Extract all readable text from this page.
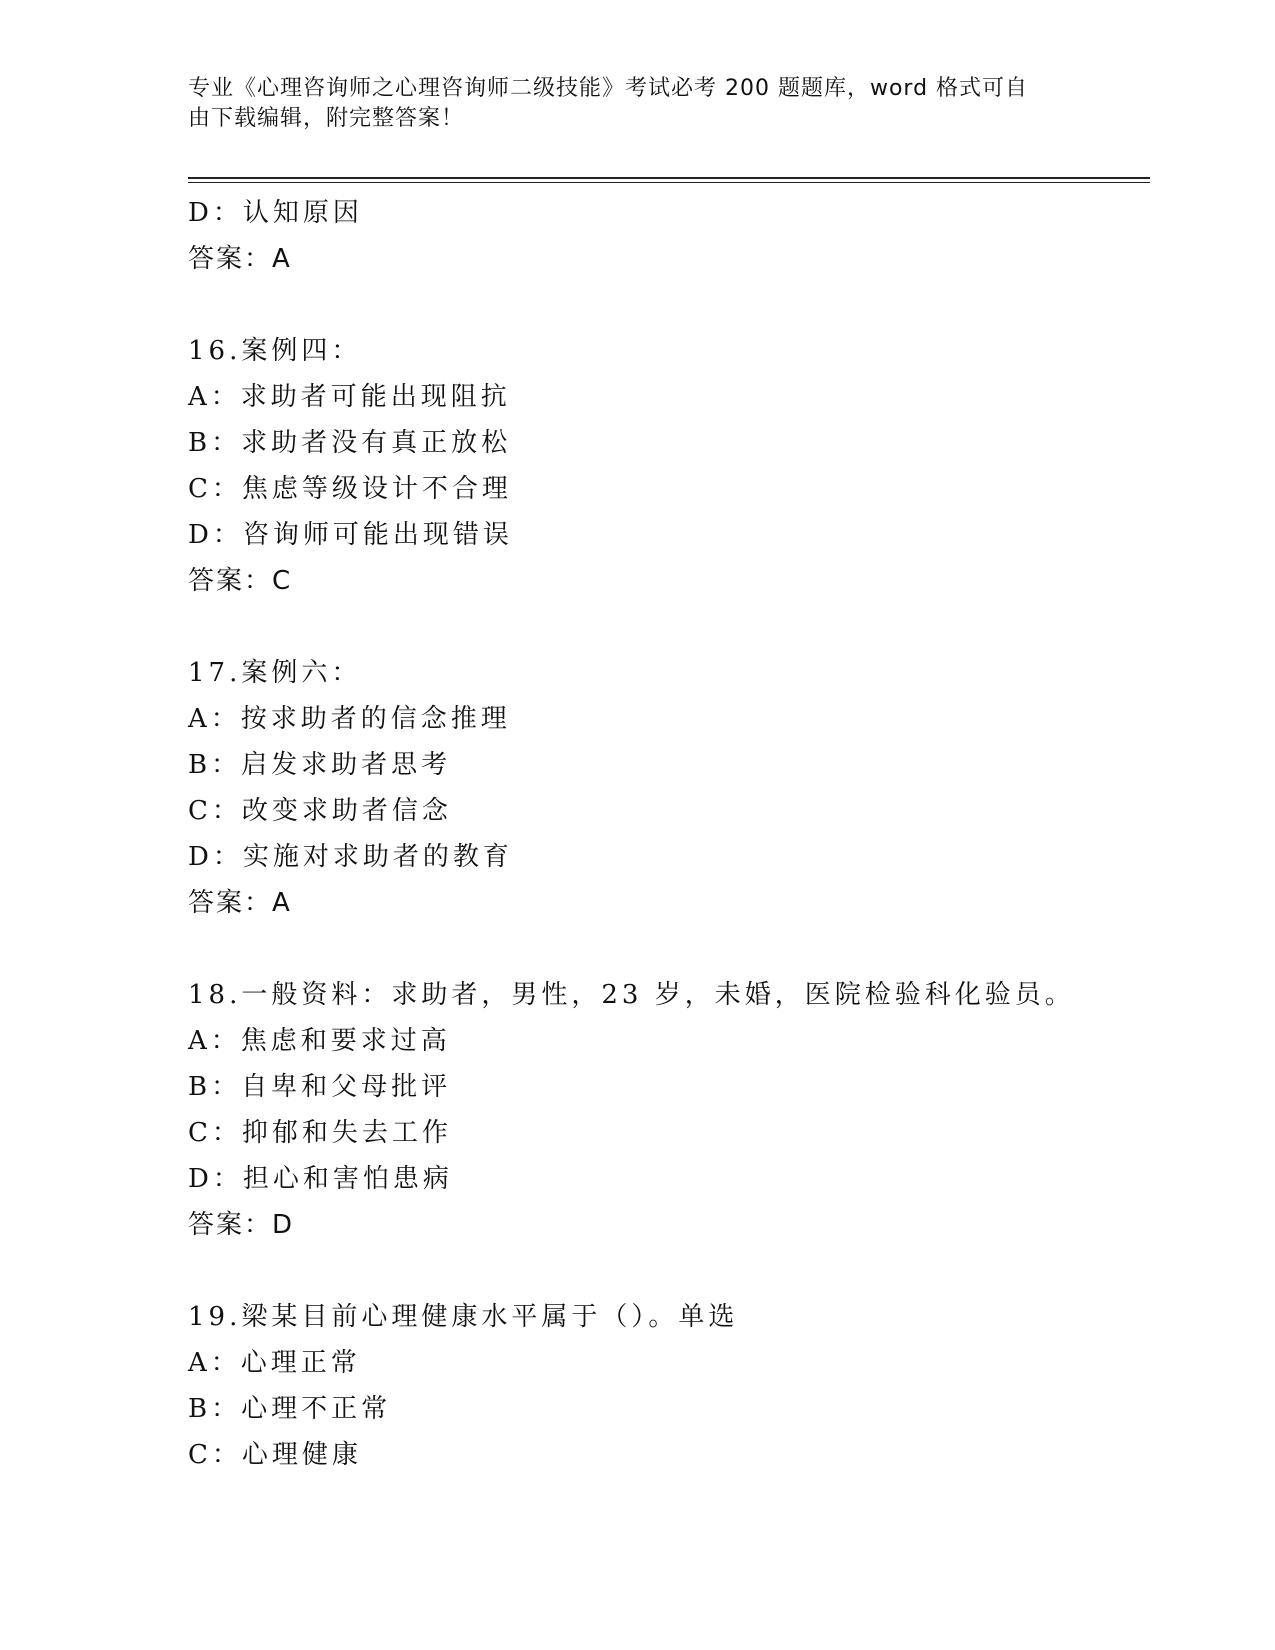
专业《心理咨询师之心理咨询师二级技能》考试必考 200 题题库，word 格式可自
由下载编辑，附完整答案！
D：认知原因
答案：A
16.案例四：
A：求助者可能出现阻抗
B：求助者没有真正放松
C：焦虑等级设计不合理
D：咨询师可能出现错误
答案：C
17.案例六：
A：按求助者的信念推理
B：启发求助者思考
C：改变求助者信念
D：实施对求助者的教育
答案：A
18.一般资料：求助者，男性，23 岁，未婚，医院检验科化验员。
A：焦虑和要求过高
B：自卑和父母批评
C：抑郁和失去工作
D：担心和害怕患病
答案：D
19.梁某目前心理健康水平属于（）。单选
A：心理正常
B：心理不正常
C：心理健康
